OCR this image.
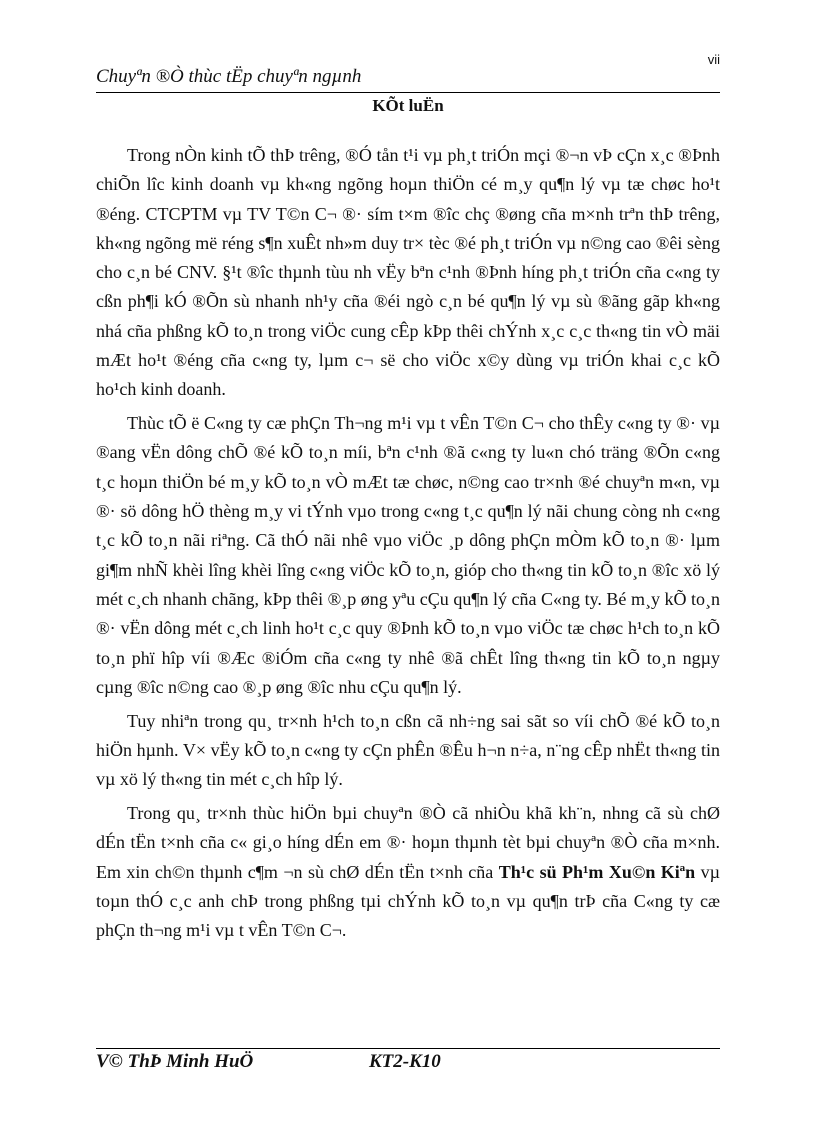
vii
Chuyªn ®Ò thùc tËp chuyªn ngµnh
KÕt luËn

Trong nÒn kinh tÕ thÞ trêng, ®Ó tån t¹i vµ ph¸t triÓn mçi ®¬n vÞ cÇn x¸c ®Þnh chiÕn lîc kinh doanh vµ kh«ng ngõng hoµn thiÖn cé m¸y qu¶n lý vµ tæ chøc ho¹t ®éng. CTCPTM vµ TV T©n C¬ ®· sím t×m ®îc chç ®øng cña m×nh trªn thÞ trêng, kh«ng ngõng më réng s¶n xuÊt nh»m duy tr× tèc ®é ph¸t triÓn vµ n©ng cao ®êi sèng cho c¸n bé CNV. §¹t ®îc thµnh tùu nh vËy bªn c¹nh ®Þnh híng ph¸t triÓn cña c«ng ty cßn ph¶i kÓ ®Õn sù nhanh nh¹y cña ®éi ngò c¸n bé qu¶n lý vµ sù ®ãng gãp kh«ng nhá cña phßng kÕ to¸n trong viÖc cung cÊp kÞp thêi chÝnh x¸c c¸c th«ng tin vÒ mäi mÆt ho¹t ®éng cña c«ng ty, lµm c¬ së cho viÖc x©y dùng vµ triÓn khai c¸c kÕ ho¹ch kinh doanh.

Thùc tÕ ë C«ng ty cæ phÇn Th¬ng m¹i vµ t vÊn T©n C¬ cho thÊy c«ng ty ®· vµ ®ang vËn dông chÕ ®é kÕ to¸n míi, bªn c¹nh ®ã c«ng ty lu«n chó träng ®Õn c«ng t¸c hoµn thiÖn bé m¸y kÕ to¸n vÒ mÆt tæ chøc, n©ng cao tr×nh ®é chuyªn m«n, vµ ®· sö dông hÖ thèng m¸y vi tÝnh vµo trong c«ng t¸c qu¶n lý nãi chung còng nh c«ng t¸c kÕ to¸n nãi riªng. Cã thÓ nãi nhê vµo viÖc ¸p dông phÇn mÒm kÕ to¸n ®· lµm gi¶m nhÑ khèi lîng khèi lîng c«ng viÖc kÕ to¸n, gióp cho th«ng tin kÕ to¸n ®îc xö lý mét c¸ch nhanh chãng, kÞp thêi ®¸p øng yªu cÇu qu¶n lý cña C«ng ty. Bé m¸y kÕ to¸n ®· vËn dông mét c¸ch linh ho¹t c¸c quy ®Þnh kÕ to¸n vµo viÖc tæ chøc h¹ch to¸n kÕ to¸n phï hîp víi ®Æc ®iÓm cña c«ng ty nhê ®ã chÊt lîng th«ng tin kÕ to¸n ngµy cµng ®îc n©ng cao ®¸p øng ®îc nhu cÇu qu¶n lý.

Tuy nhiªn trong qu¸ tr×nh h¹ch to¸n cßn cã nh÷ng sai sãt so víi chÕ ®é kÕ to¸n hiÖn hµnh. V× vËy kÕ to¸n c«ng ty cÇn phÊn ®Êu h¬n n÷a, n¨ng cÊp nhËt th«ng tin vµ xö lý th«ng tin mét c¸ch hîp lý.

Trong qu¸ tr×nh thùc hiÖn bµi chuyªn ®Ò cã nhiÒu khã kh¨n, nhng cã sù chØ dÉn tËn t×nh cña c« gi¸o híng dÉn em ®· hoµn thµnh tèt bµi chuyªn ®Ò cña m×nh. Em xin ch©n thµnh c¶m ¬n sù chØ dÉn tËn t×nh cña Th¹c sü Ph¹m Xu©n Kiªn vµ toµn thÓ c¸c anh chÞ trong phßng tµi chÝnh kÕ to¸n vµ qu¶n trÞ cña C«ng ty cæ phÇn th¬ng m¹i vµ t vÊn T©n C¬.

V© ThÞ Minh HuÖ	KT2-K10
